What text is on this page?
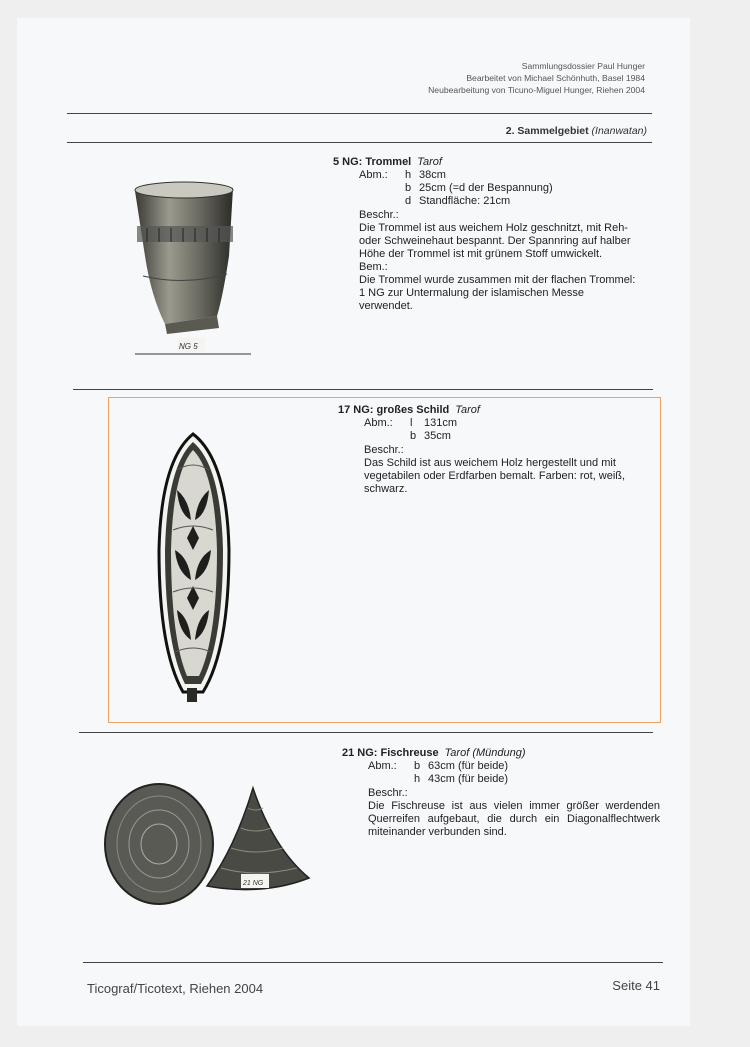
Sammlungsdossier Paul Hunger
Bearbeitet von Michael Schönhuth, Basel 1984
Neubearbeitung von Ticuno-Miguel Hunger, Riehen 2004
2. Sammelgebiet (Inanwatan)
5 NG: Trommel Tarof
Abm.: h 38cm
b 25cm (=d der Bespannung)
d Standfläche: 21cm
Beschr.:

Die Trommel ist aus weichem Holz geschnitzt, mit Reh- oder Schweinehaut bespannt. Der Spannring auf halber Höhe der Trommel ist mit grünem Stoff umwickelt.

Bem.:

Die Trommel wurde zusammen mit der flachen Trommel: 1 NG zur Untermalung der islamischen Messe verwendet.

NG 5
17 NG: großes Schild Tarof
Abm.: l 131cm
b 35cm
Beschr.:

Das Schild ist aus weichem Holz hergestellt und mit vegetabilen oder Erdfarben bemalt. Farben: rot, weiß, schwarz.

21 NG: Fischreuse Tarof (Mündung)
Abm.: b 63cm (für beide)
h 43cm (für beide)
Beschr.:

Die Fischreuse ist aus vielen immer größer werdenden Querreifen aufgebaut, die durch ein Diagonalflechtwerk miteinander verbunden sind.

21 NG
Ticograf/Ticotext, Riehen 2004	Seite 41
